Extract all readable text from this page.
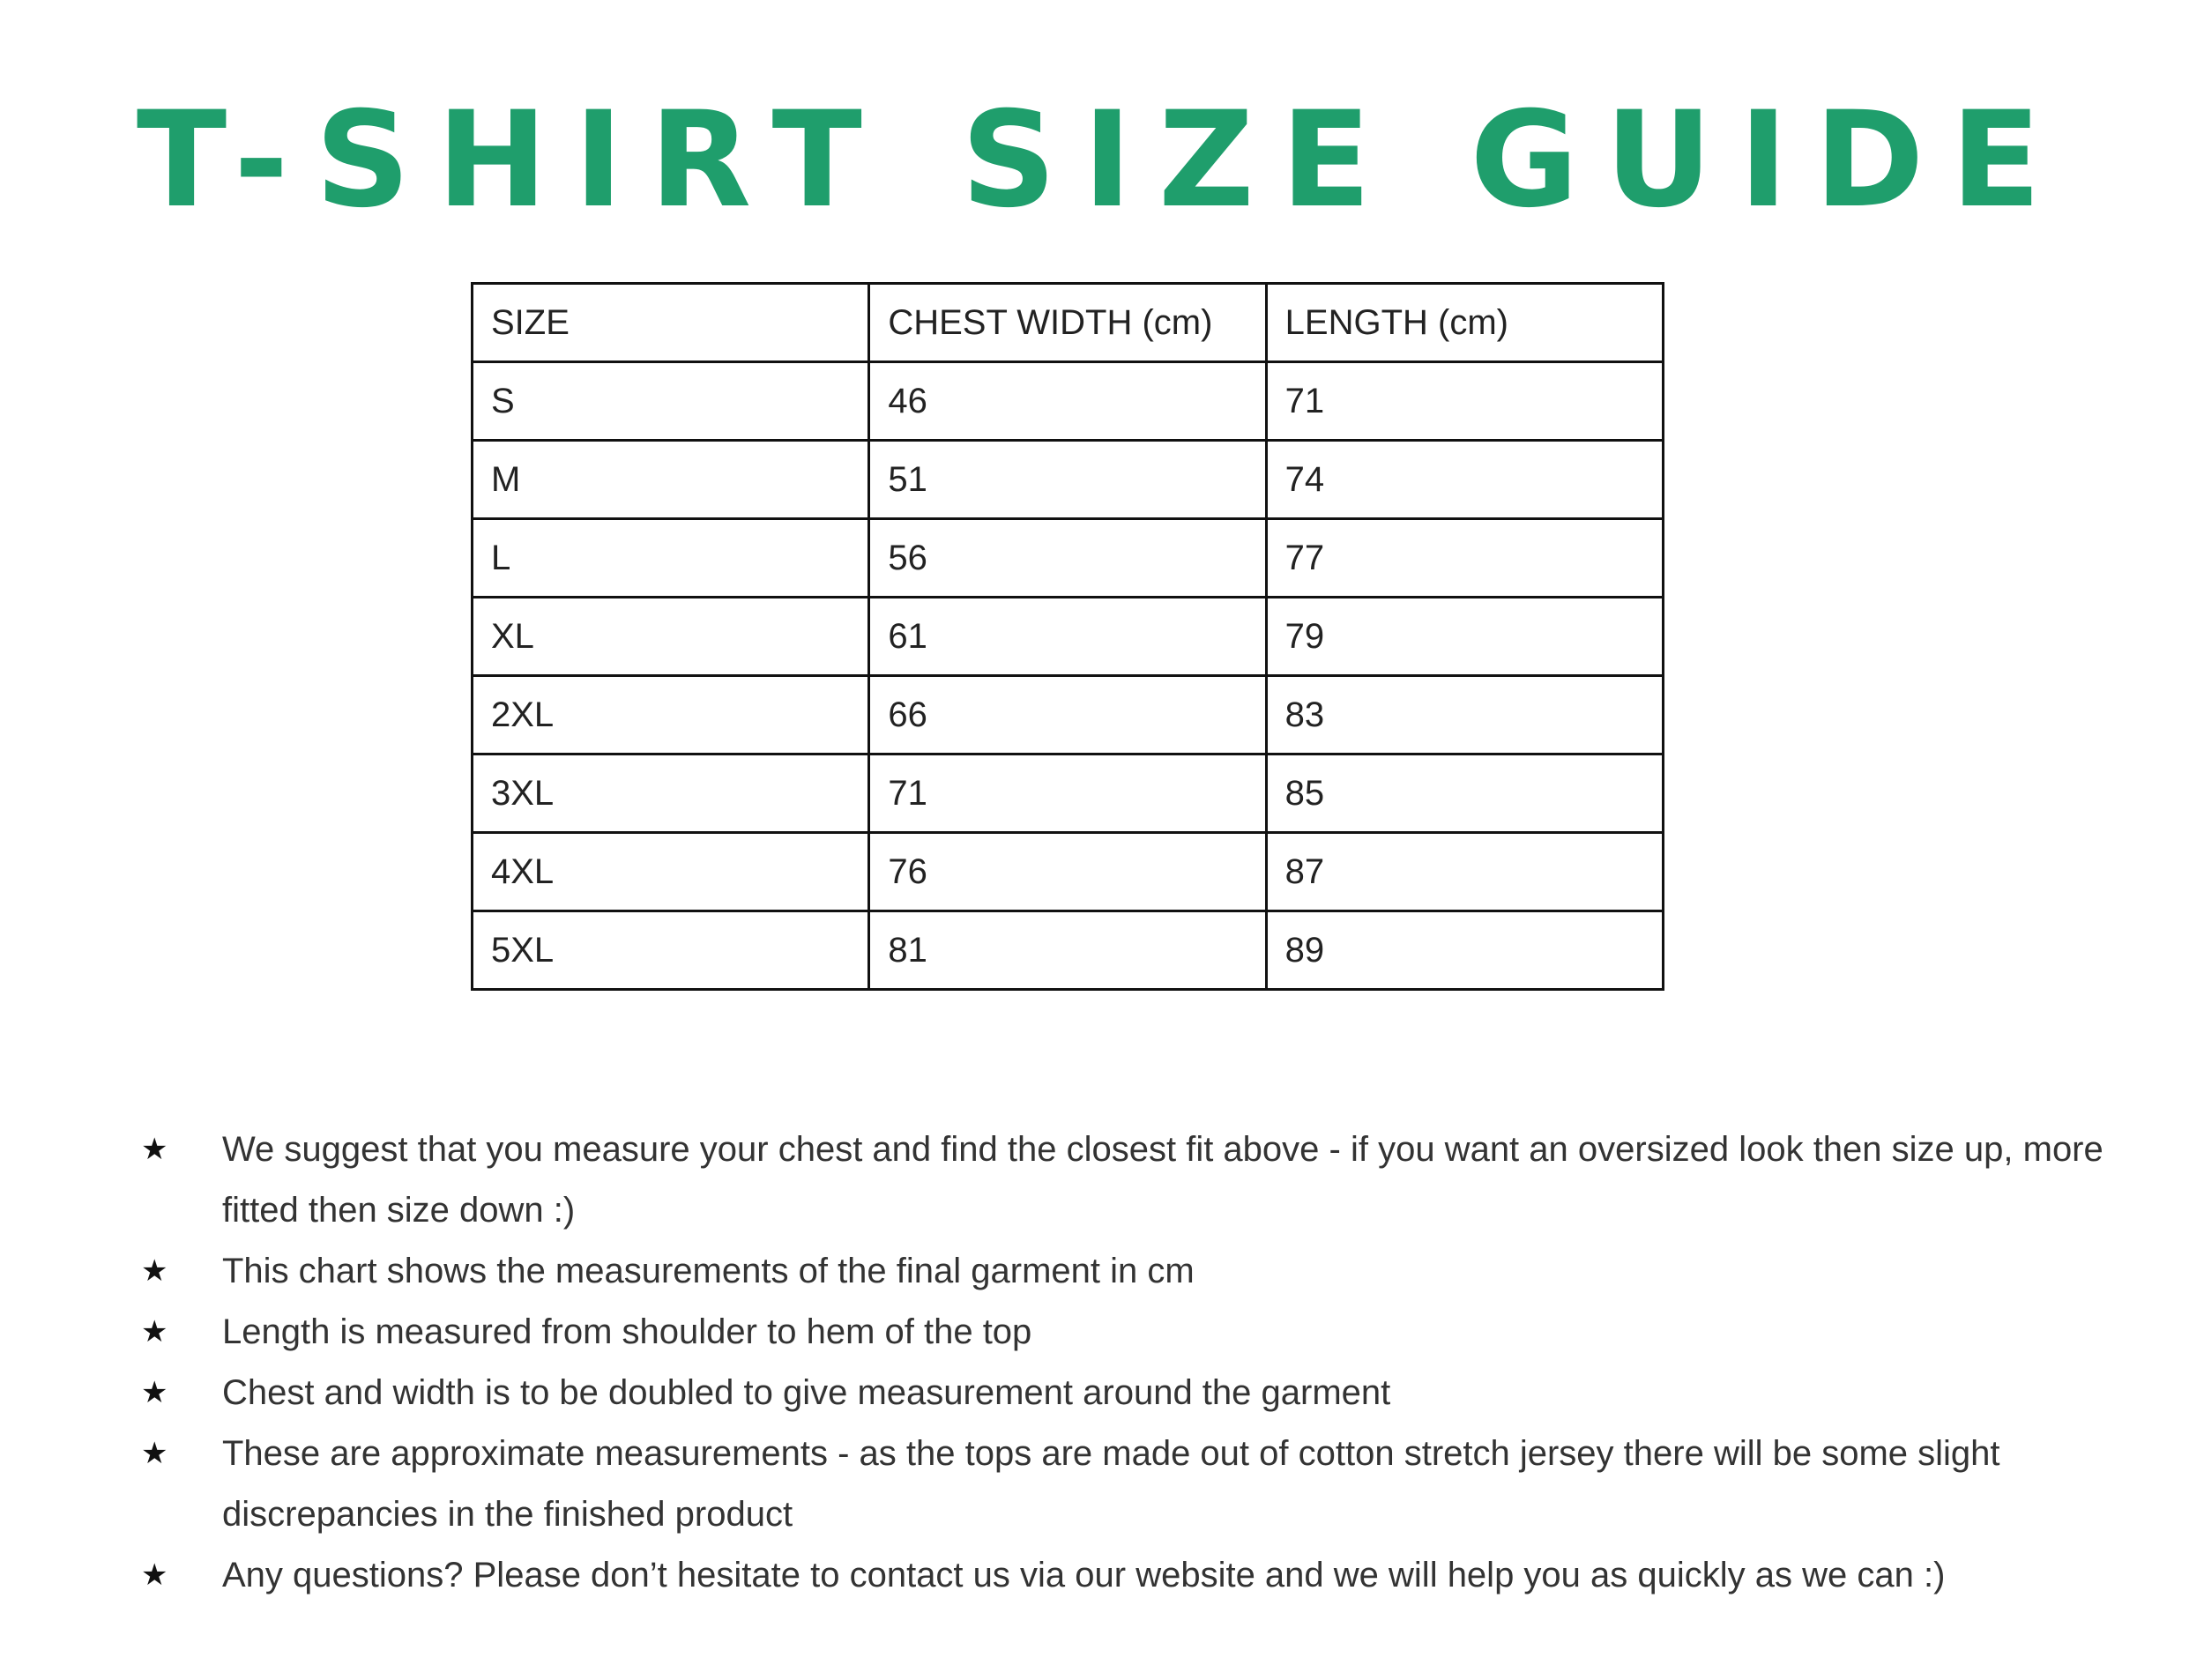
T-SHIRT SIZE GUIDE
SIZE	CHEST WIDTH (cm)	LENGTH (cm)
S	46	71
M	51	74
L	56	77
XL	61	79
2XL	66	83
3XL	71	85
4XL	76	87
5XL	81	89
★ We suggest that you measure your chest and find the closest fit above - if you want an oversized look then size up, more fitted then size down :)
★ This chart shows the measurements of the final garment in cm
★ Length is measured from shoulder to hem of the top
★ Chest and width is to be doubled to give measurement around the garment
★ These are approximate measurements - as the tops are made out of cotton stretch jersey there will be some slight discrepancies in the finished product
★ Any questions? Please don’t hesitate to contact us via our website and we will help you as quickly as we can :)
